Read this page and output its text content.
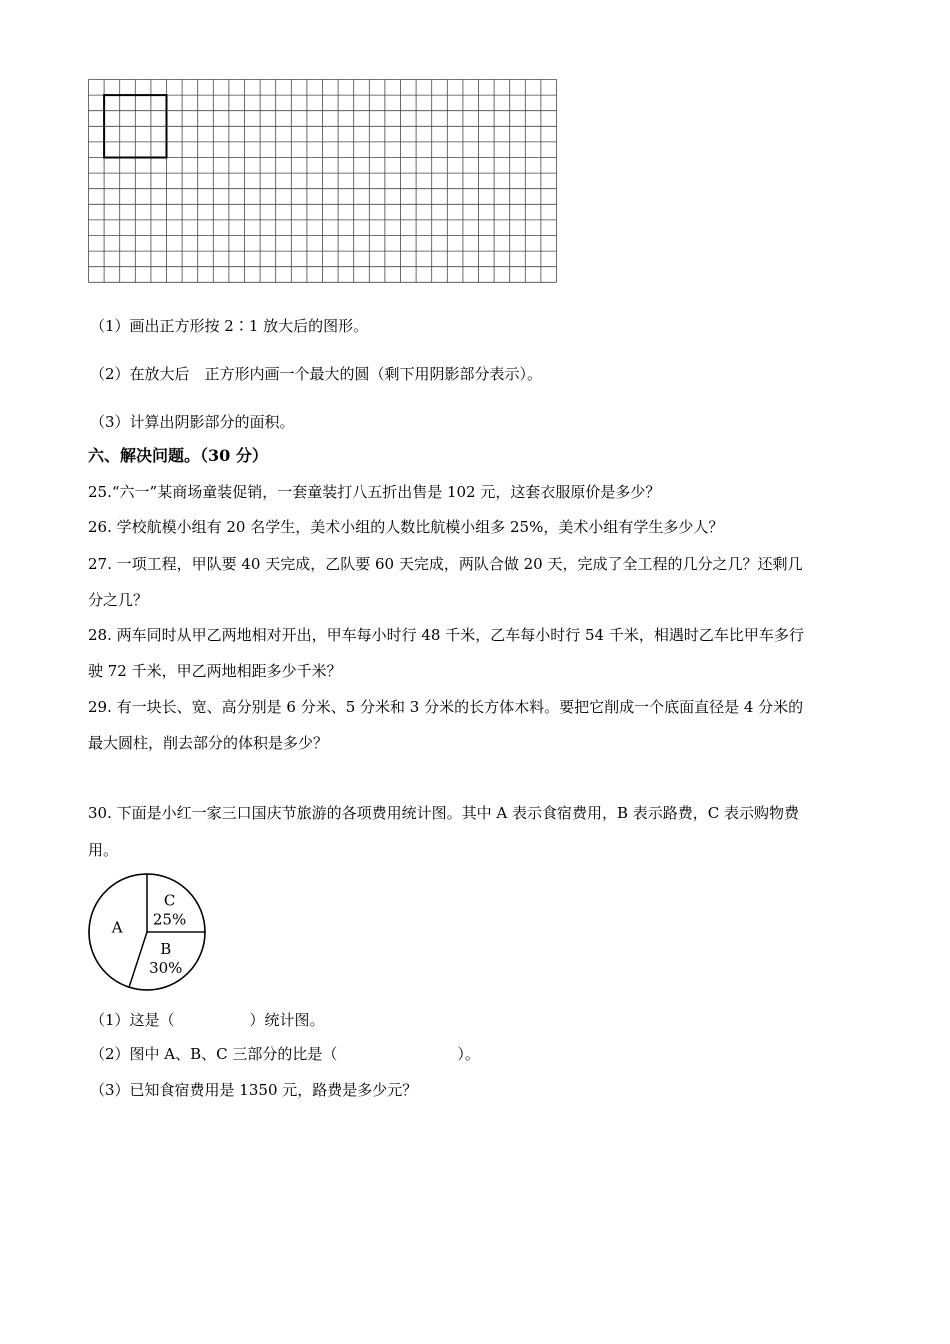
（1）画出正方形按 2∶1 放大后的图形。
（2）在放大后　正方形内画一个最大的圆（剩下用阴影部分表示）。
（3）计算出阴影部分的面积。
六、解决问题。（30 分）
25.“六一”某商场童装促销，一套童装打八五折出售是 102 元，这套衣服原价是多少？
26. 学校航模小组有 20 名学生，美术小组的人数比航模小组多 25%，美术小组有学生多少人？
27. 一项工程，甲队要 40 天完成，乙队要 60 天完成，两队合做 20 天，完成了全工程的几分之几？还剩几
分之几？
28. 两车同时从甲乙两地相对开出，甲车每小时行 48 千米，乙车每小时行 54 千米，相遇时乙车比甲车多行
驶 72 千米，甲乙两地相距多少千米？
29. 有一块长、宽、高分别是 6 分米、5 分米和 3 分米的长方体木料。要把它削成一个底面直径是 4 分米的
最大圆柱，削去部分的体积是多少？
30. 下面是小红一家三口国庆节旅游的各项费用统计图。其中 A 表示食宿费用，B 表示路费，C 表示购物费
用。
C
25%
B
30%
A
（1）这是（　　　　　）统计图。
（2）图中 A、B、C 三部分的比是（　　　　　　　　）。
（3）已知食宿费用是 1350 元，路费是多少元？
